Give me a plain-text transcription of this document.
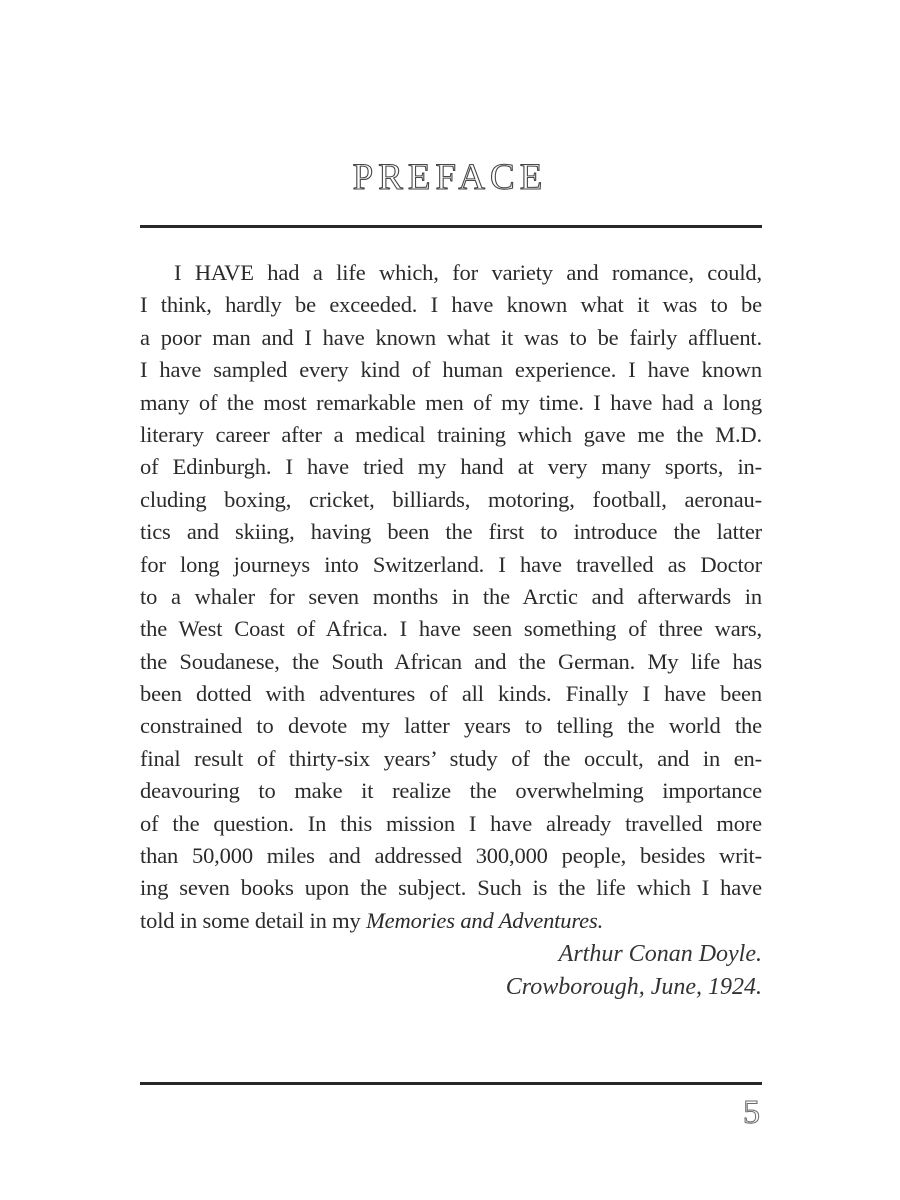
PREFACE
I HAVE had a life which, for variety and romance, could,
I think, hardly be exceeded. I have known what it was to be
a poor man and I have known what it was to be fairly affluent.
I have sampled every kind of human experience. I have known
many of the most remarkable men of my time. I have had a long
literary career after a medical training which gave me the M.D.
of Edinburgh. I have tried my hand at very many sports, in-
cluding boxing, cricket, billiards, motoring, football, aeronau-
tics and skiing, having been the first to introduce the latter
for long journeys into Switzerland. I have travelled as Doctor
to a whaler for seven months in the Arctic and afterwards in
the West Coast of Africa. I have seen something of three wars,
the Soudanese, the South African and the German. My life has
been dotted with adventures of all kinds. Finally I have been
constrained to devote my latter years to telling the world the
final result of thirty-six years’ study of the occult, and in en-
deavouring to make it realize the overwhelming importance
of the question. In this mission I have already travelled more
than 50,000 miles and addressed 300,000 people, besides writ-
ing seven books upon the subject. Such is the life which I have
told in some detail in my Memories and Adventures.
Arthur Conan Doyle.
Crowborough, June, 1924.
5
